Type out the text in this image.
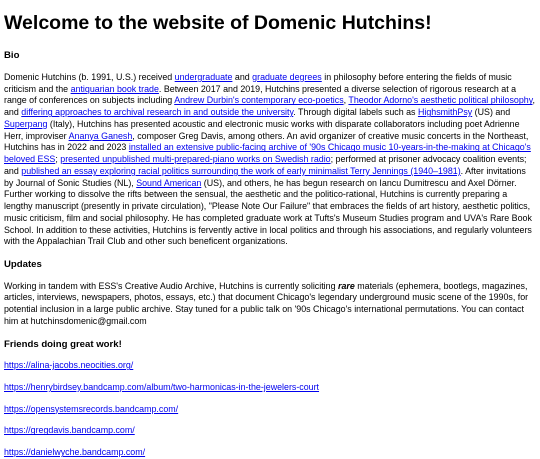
Welcome to the website of Domenic Hutchins!
Bio

Domenic Hutchins (b. 1991, U.S.) received undergraduate and graduate degrees in philosophy before entering the fields of music criticism and the antiquarian book trade. Between 2017 and 2019, Hutchins presented a diverse selection of rigorous research at a range of conferences on subjects including Andrew Durbin's contemporary eco-poetics, Theodor Adorno's aesthetic political philosophy, and differing approaches to archival research in and outside the university. Through digital labels such as HighsmithPsy (US) and Superpang (Italy), Hutchins has presented acoustic and electronic music works with disparate collaborators including poet Adrienne Herr, improviser Ananya Ganesh, composer Greg Davis, among others. An avid organizer of creative music concerts in the Northeast, Hutchins has in 2022 and 2023 installed an extensive public-facing archive of '90s Chicago music 10-years-in-the-making at Chicago's beloved ESS; presented unpublished multi-prepared-piano works on Swedish radio; performed at prisoner advocacy coalition events; and published an essay exploring racial politics surrounding the work of early minimalist Terry Jennings (1940–1981). After invitations by Journal of Sonic Studies (NL), Sound American (US), and others, he has begun research on Iancu Dumitrescu and Axel Dörner. Further working to dissolve the rifts between the sensual, the aesthetic and the politico-rational, Hutchins is currently preparing a lengthy manuscript (presently in private circulation), "Please Note Our Failure" that embraces the fields of art history, aesthetic politics, music criticism, film and social philosophy. He has completed graduate work at Tufts's Museum Studies program and UVA's Rare Book School. In addition to these activities, Hutchins is fervently active in local politics and through his associations, and regularly volunteers with the Appalachian Trail Club and other such beneficent organizations.

Updates

Working in tandem with ESS's Creative Audio Archive, Hutchins is currently soliciting rare materials (ephemera, bootlegs, magazines, articles, interviews, newspapers, photos, essays, etc.) that document Chicago's legendary underground music scene of the 1990s, for potential inclusion in a large public archive. Stay tuned for a public talk on '90s Chicago's international permutations. You can contact him at hutchinsdomenic@gmail.com

Friends doing great work!

https://alina-jacobs.neocities.org/

https://henrybirdsey.bandcamp.com/album/two-harmonicas-in-the-jewelers-court

https://opensystemsrecords.bandcamp.com/

https://gregdavis.bandcamp.com/

https://danielwyche.bandcamp.com/
